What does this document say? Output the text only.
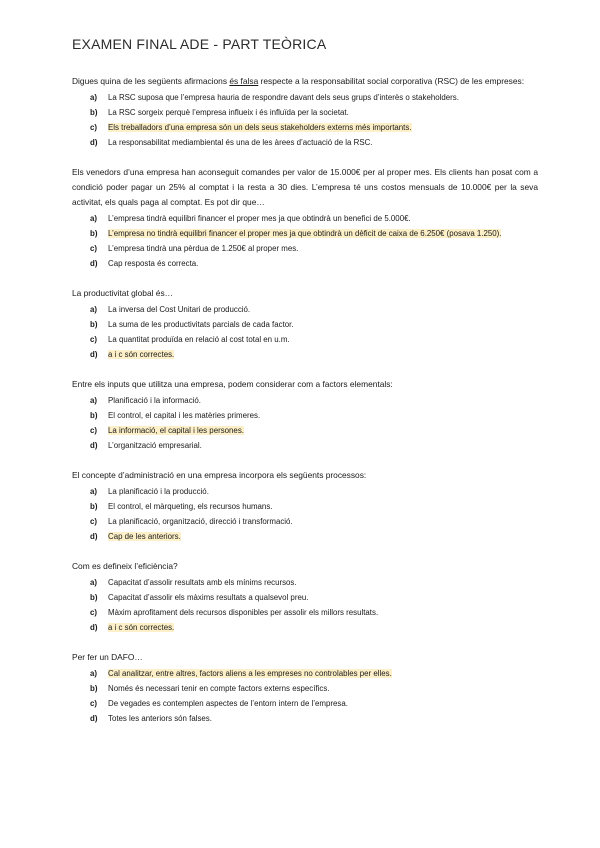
EXAMEN FINAL ADE - PART TEÒRICA
Digues quina de les següents afirmacions és falsa respecte a la responsabilitat social corporativa (RSC) de les empreses:
a)	La RSC suposa que l’empresa hauria de respondre davant dels seus grups d’interès o stakeholders.
b)	La RSC sorgeix perquè l’empresa influeix i és influïda per la societat.
c)	Els treballadors d’una empresa són un dels seus stakeholders externs més importants.
d)	La responsabilitat mediambiental és una de les àrees d’actuació de la RSC.
Els venedors d’una empresa han aconseguit comandes per valor de 15.000€ per al proper mes. Els clients han posat com a condició poder pagar un 25% al comptat i la resta a 30 dies. L’empresa té uns costos mensuals de 10.000€ per la seva activitat, els quals paga al comptat. Es pot dir que…
a)	L’empresa tindrà equilibri financer el proper mes ja que obtindrà un benefici de 5.000€.
b)	L’empresa no tindrà equilibri financer el proper mes ja que obtindrà un dèficit de caixa de 6.250€ (posava 1.250).
c)	L’empresa tindrà una pèrdua de 1.250€ al proper mes.
d)	Cap resposta és correcta.
La productivitat global és…
a)	La inversa del Cost Unitari de producció.
b)	La suma de les productivitats parcials de cada factor.
c)	La quantitat produïda en relació al cost total en u.m.
d)	a i c són correctes.
Entre els inputs que utilitza una empresa, podem considerar com a factors elementals:
a)	Planificació i la informació.
b)	El control, el capital i les matèries primeres.
c)	La informació, el capital i les persones.
d)	L’organització empresarial.
El concepte d’administració en una empresa incorpora els següents processos:
a)	La planificació i la producció.
b)	El control, el màrqueting, els recursos humans.
c)	La planificació, organització, direcció i transformació.
d)	Cap de les anteriors.
Com es defineix l’eficiència?
a)	Capacitat d’assolir resultats amb els mínims recursos.
b)	Capacitat d’assolir els màxims resultats a qualsevol preu.
c)	Màxim aprofitament dels recursos disponibles per assolir els millors resultats.
d)	a i c són correctes.
Per fer un DAFO…
a)	Cal analitzar, entre altres, factors aliens a les empreses no controlables per elles.
b)	Només és necessari tenir en compte factors externs específics.
c)	De vegades es contemplen aspectes de l’entorn intern de l’empresa.
d)	Totes les anteriors són falses.
